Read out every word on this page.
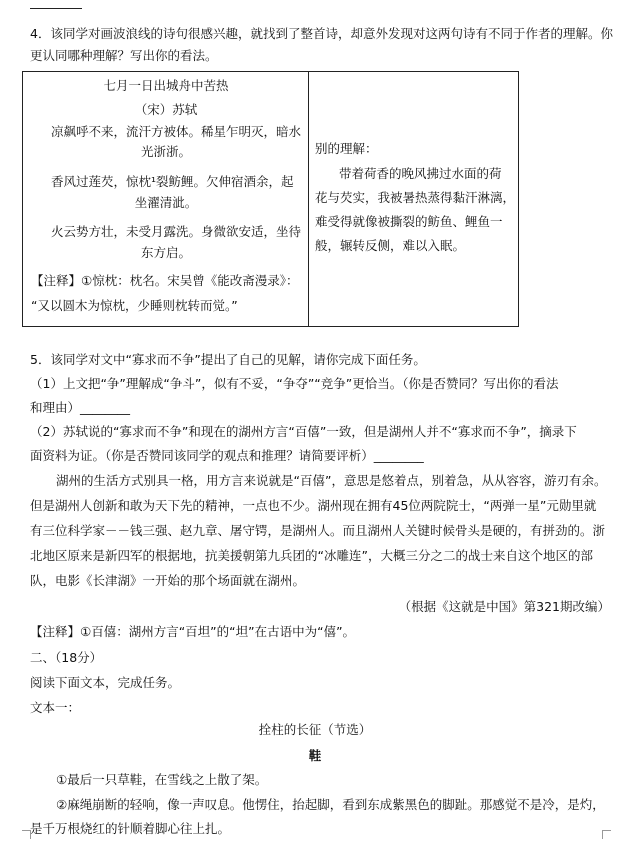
4．该同学对画波浪线的诗句很感兴趣，就找到了整首诗，却意外发现对这两句诗有不同于作者的理解。你
更认同哪种理解？写出你的看法。
七月一日出城舟中苦热
（宋）苏轼
凉飙呼不来，流汗方被体。稀星乍明灭，暗水
光浙浙。
香风过莲芡，惊枕¹裂鲂鲤。欠伸宿酒余，起
坐濯清泚。
火云势方壮，未受月露洗。身微欲安适，坐待
东方启。
【注释】①惊枕：枕名。宋吴曾《能改斋漫录》：
“又以圆木为惊枕，少睡则枕转而觉。”

别的理解：
带着荷香的晚风拂过水面的荷
花与芡实，我被暑热蒸得黏汗淋漓，
难受得就像被撕裂的鲂鱼、鲤鱼一
般，辗转反侧，难以入眠。
5．该同学对文中“寡求而不争”提出了自己的见解，请你完成下面任务。
（1）上文把“争”理解成“争斗”，似有不妥，“争夺”“竞争”更恰当。（你是否赞同？写出你的看法
和理由）________
（2）苏轼说的“寡求而不争”和现在的湖州方言“百僖”一致，但是湖州人并不“寡求而不争”，摘录下
面资料为证。（你是否赞同该同学的观点和推理？请简要评析）________
湖州的生活方式别具一格，用方言来说就是“百僖”，意思是悠着点，别着急，从从容容，游刃有余。
但是湖州人创新和敢为天下先的精神，一点也不少。湖州现在拥有45位两院院士，“两弹一星”元勋里就
有三位科学家－－钱三强、赵九章、屠守锷，是湖州人。而且湖州人关键时候骨头是硬的，有拼劲的。浙
北地区原来是新四军的根据地，抗美援朝第九兵团的“冰雕连”，大概三分之二的战士来自这个地区的部
队，电影《长津湖》一开始的那个场面就在湖州。
（根据《这就是中国》第321期改编）
【注释】①百僖：湖州方言“百坦”的“坦”在古语中为“僖”。
二、（18分）
阅读下面文本，完成任务。
文本一：
拴柱的长征（节选）
鞋
①最后一只草鞋，在雪线之上散了架。
②麻绳崩断的轻响，像一声叹息。他愣住，抬起脚，看到东成紫黑色的脚趾。那感觉不是冷，是灼，
是千万根烧红的针顺着脚心往上扎。
